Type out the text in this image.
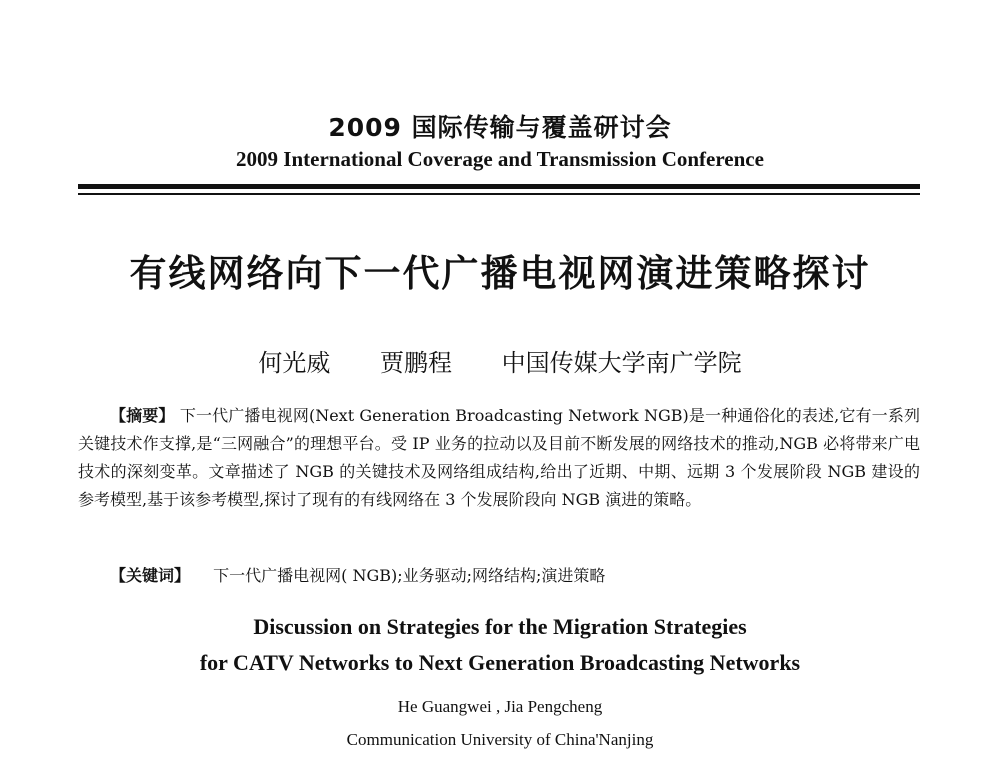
2009 国际传输与覆盖研讨会
2009 International Coverage and Transmission Conference
有线网络向下一代广播电视网演进策略探讨
何光威 贾鹏程 中国传媒大学南广学院
【摘要】 下一代广播电视网(Next Generation Broadcasting Network NGB)是一种通俗化的表述,它有一系列关键技术作支撑,是“三网融合”的理想平台。受 IP 业务的拉动以及目前不断发展的网络技术的推动,NGB 必将带来广电技术的深刻变革。文章描述了 NGB 的关键技术及网络组成结构,给出了近期、中期、远期 3 个发展阶段 NGB 建设的参考模型,基于该参考模型,探讨了现有的有线网络在 3 个发展阶段向 NGB 演进的策略。
【关键词】 下一代广播电视网( NGB);业务驱动;网络结构;演进策略
Discussion on Strategies for the Migration Strategies
for CATV Networks to Next Generation Broadcasting Networks
He Guangwei , Jia Pengcheng
Communication University of China'Nanjing
